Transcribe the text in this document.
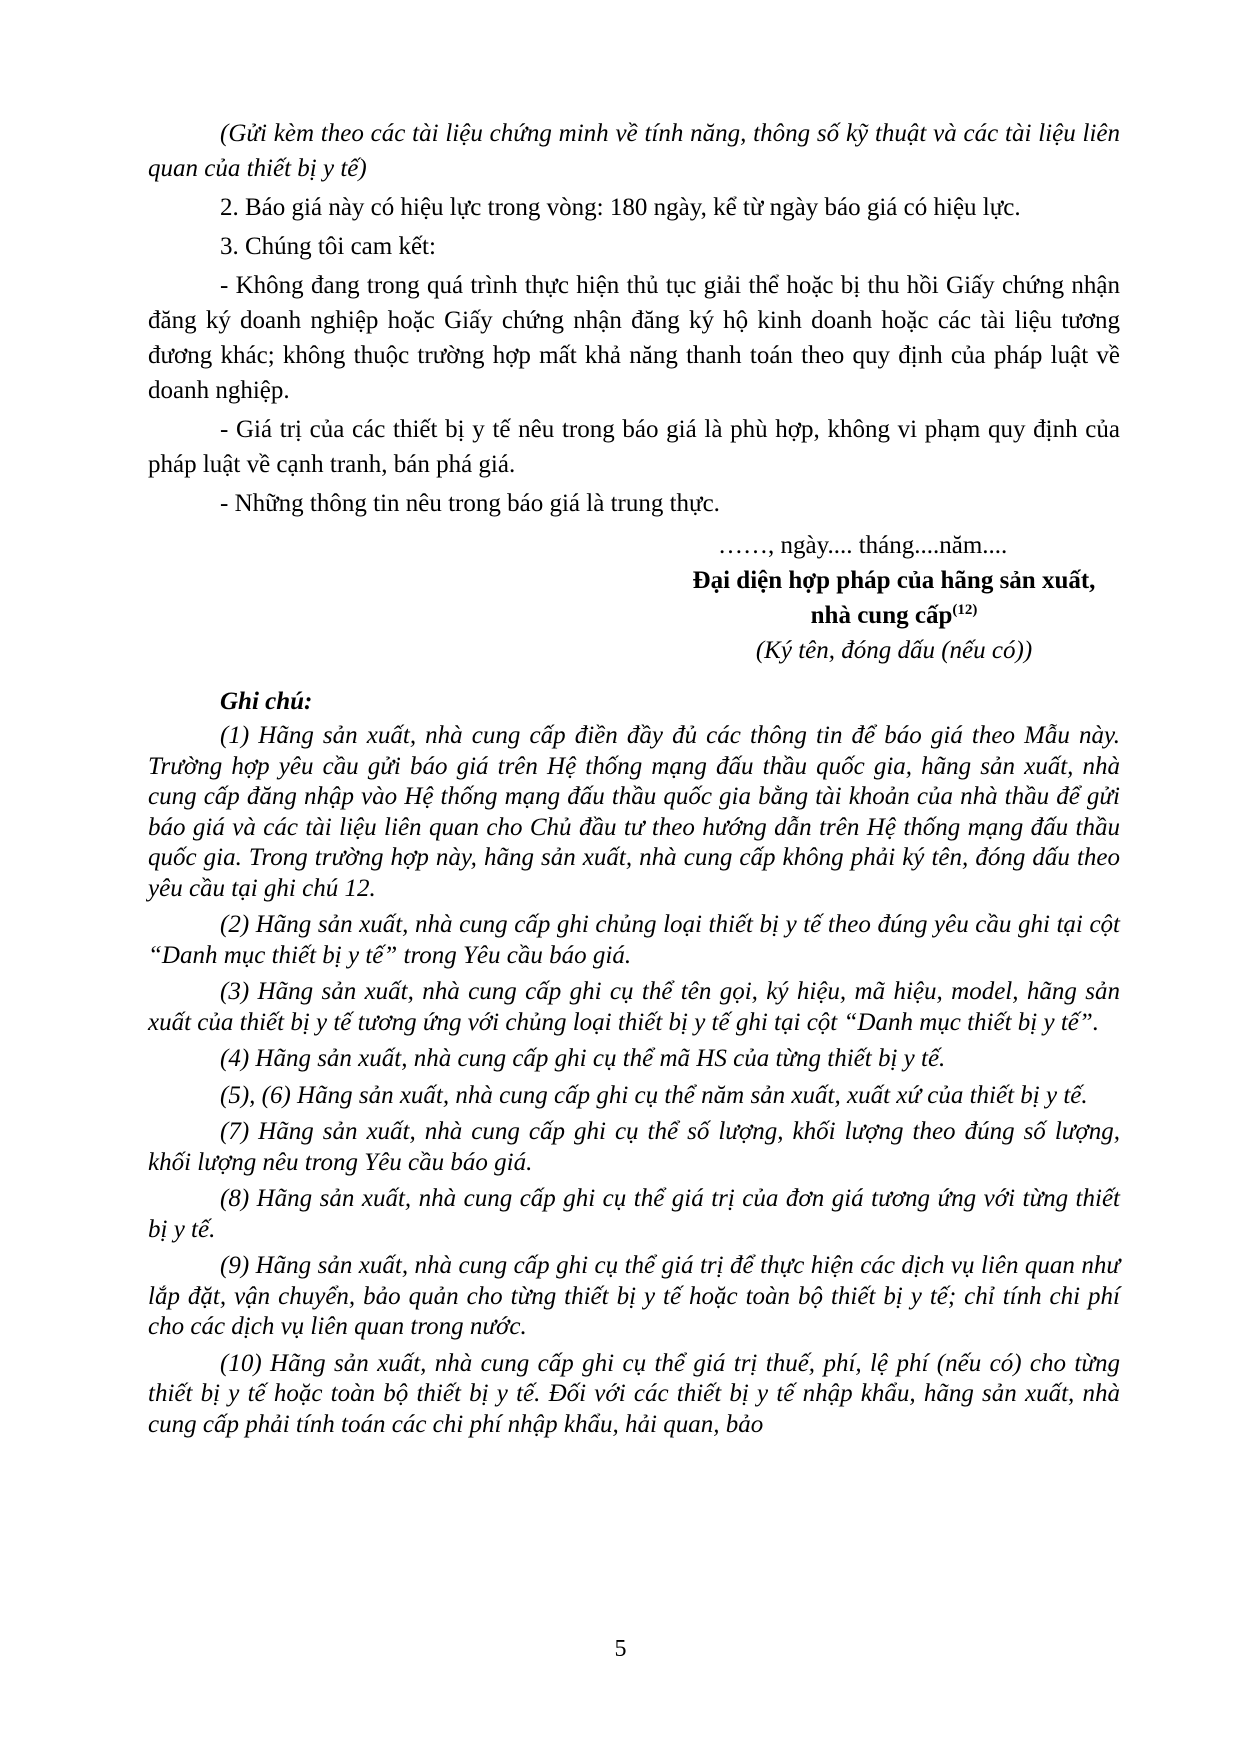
(Gửi kèm theo các tài liệu chứng minh về tính năng, thông số kỹ thuật và các tài liệu liên quan của thiết bị y tế)

2. Báo giá này có hiệu lực trong vòng: 180 ngày, kể từ ngày báo giá có hiệu lực.

3. Chúng tôi cam kết:

- Không đang trong quá trình thực hiện thủ tục giải thể hoặc bị thu hồi Giấy chứng nhận đăng ký doanh nghiệp hoặc Giấy chứng nhận đăng ký hộ kinh doanh hoặc các tài liệu tương đương khác; không thuộc trường hợp mất khả năng thanh toán theo quy định của pháp luật về doanh nghiệp.

- Giá trị của các thiết bị y tế nêu trong báo giá là phù hợp, không vi phạm quy định của pháp luật về cạnh tranh, bán phá giá.

- Những thông tin nêu trong báo giá là trung thực.

……, ngày.... tháng....năm....

Đại diện hợp pháp của hãng sản xuất,

nhà cung cấp$^{(12)}$

(Ký tên, đóng dấu (nếu có))

Ghi chú:

(1) Hãng sản xuất, nhà cung cấp điền đầy đủ các thông tin để báo giá theo Mẫu này. Trường hợp yêu cầu gửi báo giá trên Hệ thống mạng đấu thầu quốc gia, hãng sản xuất, nhà cung cấp đăng nhập vào Hệ thống mạng đấu thầu quốc gia bằng tài khoản của nhà thầu để gửi báo giá và các tài liệu liên quan cho Chủ đầu tư theo hướng dẫn trên Hệ thống mạng đấu thầu quốc gia. Trong trường hợp này, hãng sản xuất, nhà cung cấp không phải ký tên, đóng dấu theo yêu cầu tại ghi chú 12.

(2) Hãng sản xuất, nhà cung cấp ghi chủng loại thiết bị y tế theo đúng yêu cầu ghi tại cột “Danh mục thiết bị y tế” trong Yêu cầu báo giá.

(3) Hãng sản xuất, nhà cung cấp ghi cụ thể tên gọi, ký hiệu, mã hiệu, model, hãng sản xuất của thiết bị y tế tương ứng với chủng loại thiết bị y tế ghi tại cột “Danh mục thiết bị y tế”.

(4) Hãng sản xuất, nhà cung cấp ghi cụ thể mã HS của từng thiết bị y tế.

(5), (6) Hãng sản xuất, nhà cung cấp ghi cụ thể năm sản xuất, xuất xứ của thiết bị y tế.

(7) Hãng sản xuất, nhà cung cấp ghi cụ thể số lượng, khối lượng theo đúng số lượng, khối lượng nêu trong Yêu cầu báo giá.

(8) Hãng sản xuất, nhà cung cấp ghi cụ thể giá trị của đơn giá tương ứng với từng thiết bị y tế.

(9) Hãng sản xuất, nhà cung cấp ghi cụ thể giá trị để thực hiện các dịch vụ liên quan như lắp đặt, vận chuyển, bảo quản cho từng thiết bị y tế hoặc toàn bộ thiết bị y tế; chỉ tính chi phí cho các dịch vụ liên quan trong nước.

(10) Hãng sản xuất, nhà cung cấp ghi cụ thể giá trị thuế, phí, lệ phí (nếu có) cho từng thiết bị y tế hoặc toàn bộ thiết bị y tế. Đối với các thiết bị y tế nhập khẩu, hãng sản xuất, nhà cung cấp phải tính toán các chi phí nhập khẩu, hải quan, bảo

5
